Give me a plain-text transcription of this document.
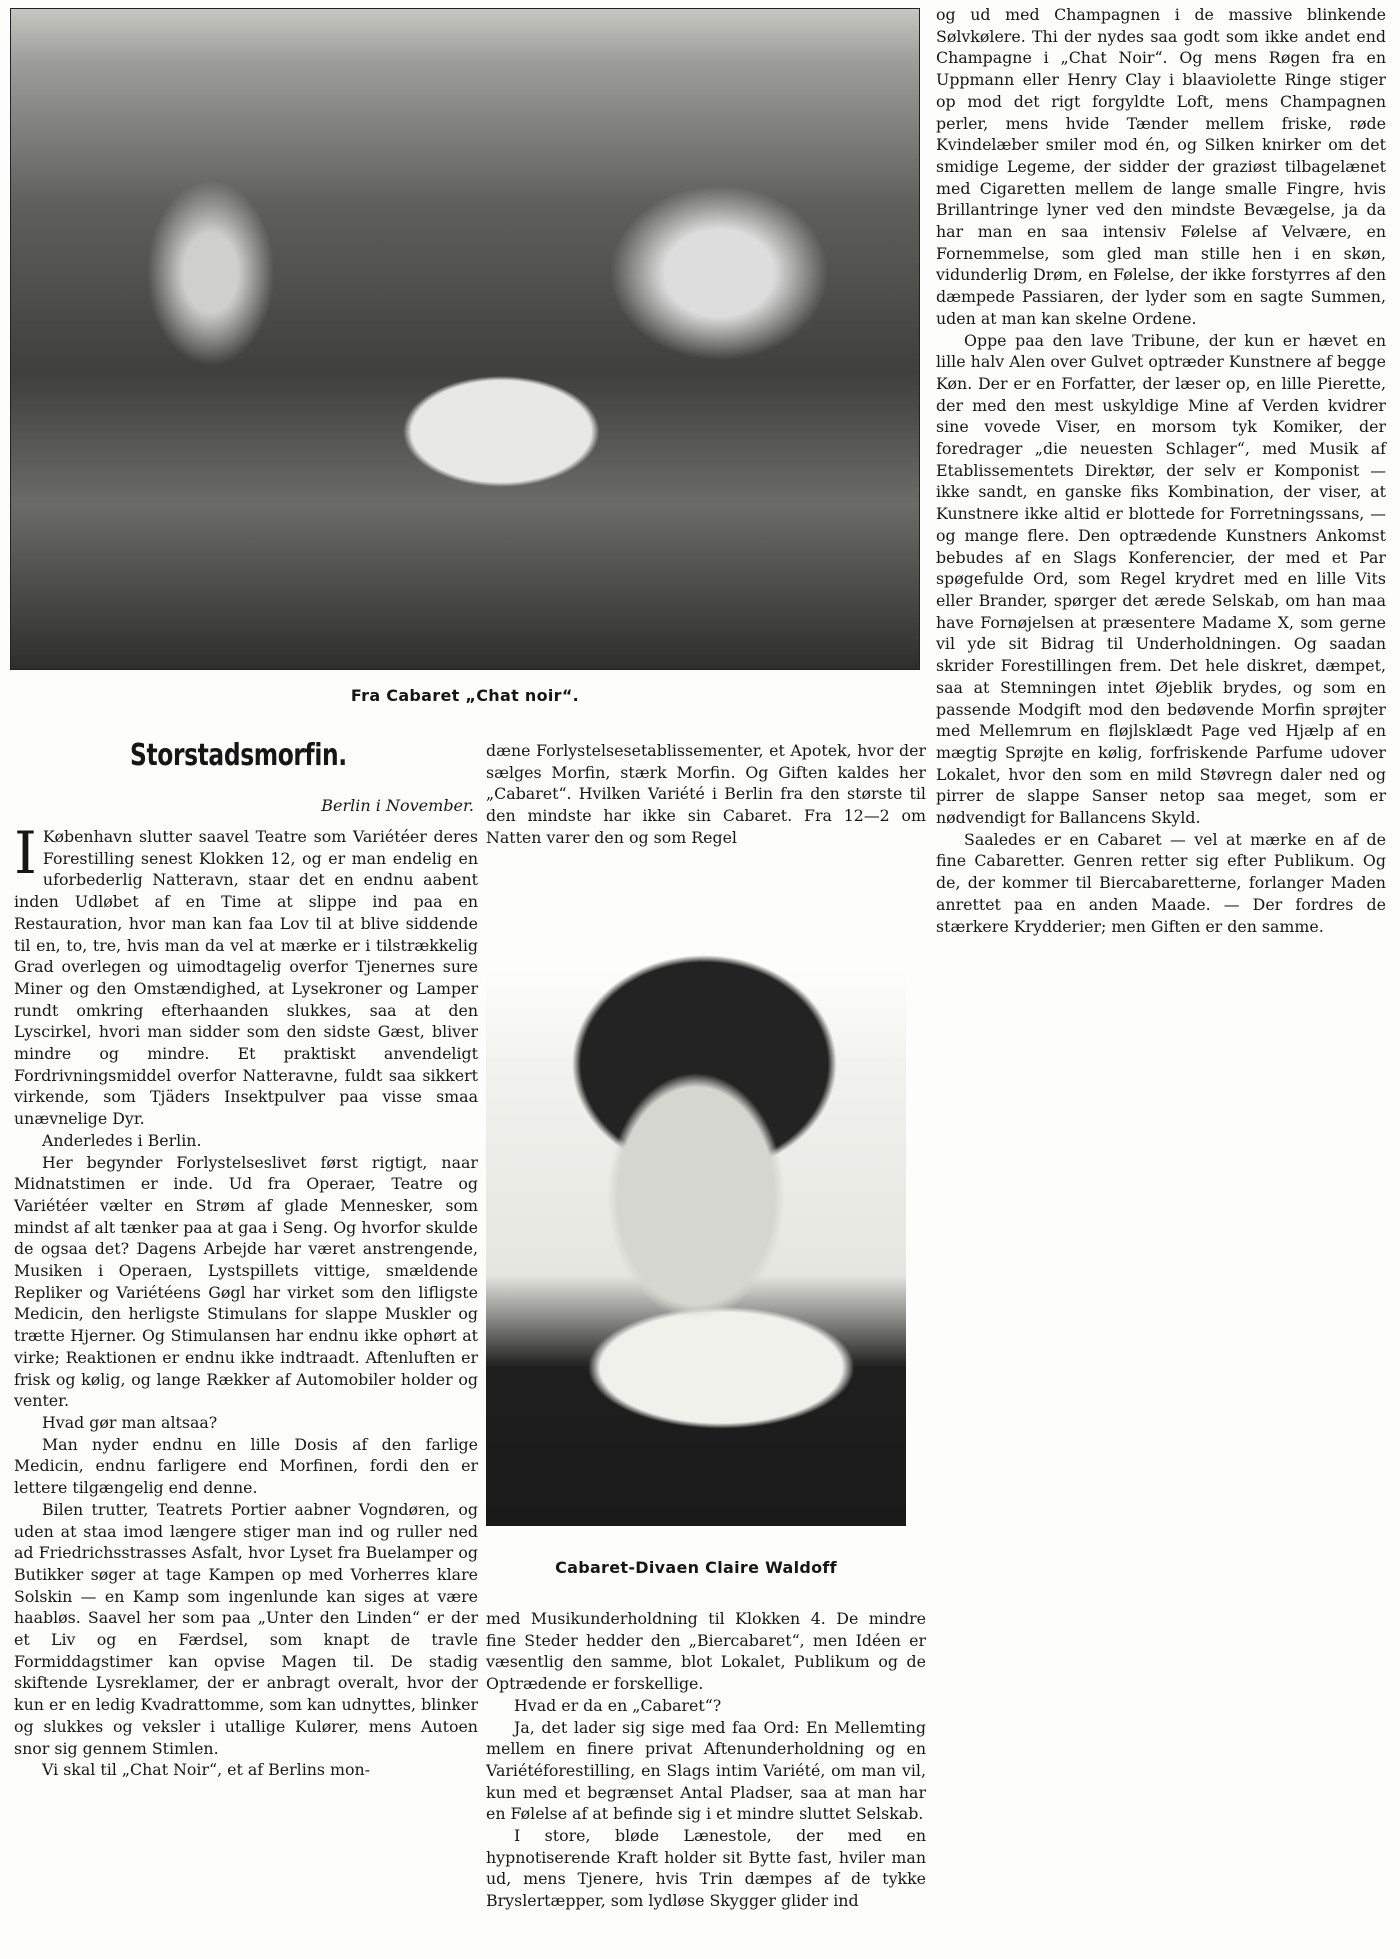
Fra Cabaret „Chat noir“.
Storstadsmorfin.
Berlin i November.

I København slutter saavel Teatre som Variétéer deres Forestilling senest Klokken 12, og er man endelig en uforbederlig Natteravn, staar det en endnu aabent inden Udløbet af en Time at slippe ind paa en Restauration, hvor man kan faa Lov til at blive siddende til en, to, tre, hvis man da vel at mærke er i tilstrækkelig Grad overlegen og uimodtagelig overfor Tjenernes sure Miner og den Omstændighed, at Lysekroner og Lamper rundt omkring efterhaanden slukkes, saa at den Lyscirkel, hvori man sidder som den sidste Gæst, bliver mindre og mindre. Et praktiskt anvendeligt Fordrivningsmiddel overfor Natteravne, fuldt saa sikkert virkende, som Tjäders Insektpulver paa visse smaa unævnelige Dyr.

Anderledes i Berlin.

Her begynder Forlystelseslivet først rigtigt, naar Midnatstimen er inde. Ud fra Operaer, Teatre og Variétéer vælter en Strøm af glade Mennesker, som mindst af alt tænker paa at gaa i Seng. Og hvorfor skulde de ogsaa det? Dagens Arbejde har været anstrengende, Musiken i Operaen, Lystspillets vittige, smældende Repliker og Variétéens Gøgl har virket som den lifligste Medicin, den herligste Stimulans for slappe Muskler og trætte Hjerner. Og Stimulansen har endnu ikke ophørt at virke; Reaktionen er endnu ikke indtraadt. Aftenluften er frisk og kølig, og lange Rækker af Automobiler holder og venter.

Hvad gør man altsaa?

Man nyder endnu en lille Dosis af den farlige Medicin, endnu farligere end Morfinen, fordi den er lettere tilgængelig end denne.

Bilen trutter, Teatrets Portier aabner Vogndøren, og uden at staa imod længere stiger man ind og ruller ned ad Friedrichsstrasses Asfalt, hvor Lyset fra Buelamper og Butikker søger at tage Kampen op med Vorherres klare Solskin — en Kamp som ingenlunde kan siges at være haabløs. Saavel her som paa „Unter den Linden“ er der et Liv og en Færdsel, som knapt de travle Formiddagstimer kan opvise Magen til. De stadig skiftende Lysreklamer, der er anbragt overalt, hvor der kun er en ledig Kvadrattomme, som kan udnyttes, blinker og slukkes og veksler i utallige Kulører, mens Autoen snor sig gennem Stimlen.

Vi skal til „Chat Noir“, et af Berlins mon-

dæne Forlystelsesetablissementer, et Apotek, hvor der sælges Morfin, stærk Morfin. Og Giften kaldes her „Cabaret“. Hvilken Variété i Berlin fra den største til den mindste har ikke sin Cabaret. Fra 12—2 om Natten varer den og som Regel

Cabaret-Divaen Claire Waldoff

med Musikunderholdning til Klokken 4. De mindre fine Steder hedder den „Biercabaret“, men Idéen er væsentlig den samme, blot Lokalet, Publikum og de Optrædende er forskellige.

Hvad er da en „Cabaret“?

Ja, det lader sig sige med faa Ord: En Mellemting mellem en finere privat Aftenunderholdning og en Variétéforestilling, en Slags intim Variété, om man vil, kun med et begrænset Antal Pladser, saa at man har en Følelse af at befinde sig i et mindre sluttet Selskab.

I store, bløde Lænestole, der med en hypnotiserende Kraft holder sit Bytte fast, hviler man ud, mens Tjenere, hvis Trin dæmpes af de tykke Bryslertæpper, som lydløse Skygger glider ind

og ud med Champagnen i de massive blinkende Sølvkølere. Thi der nydes saa godt som ikke andet end Champagne i „Chat Noir“. Og mens Røgen fra en Uppmann eller Henry Clay i blaaviolette Ringe stiger op mod det rigt forgyldte Loft, mens Champagnen perler, mens hvide Tænder mellem friske, røde Kvindelæber smiler mod én, og Silken knirker om det smidige Legeme, der sidder der graziøst tilbagelænet med Cigaretten mellem de lange smalle Fingre, hvis Brillantringe lyner ved den mindste Bevægelse, ja da har man en saa intensiv Følelse af Velvære, en Fornemmelse, som gled man stille hen i en skøn, vidunderlig Drøm, en Følelse, der ikke forstyrres af den dæmpede Passiaren, der lyder som en sagte Summen, uden at man kan skelne Ordene.

Oppe paa den lave Tribune, der kun er hævet en lille halv Alen over Gulvet optræder Kunstnere af begge Køn. Der er en Forfatter, der læser op, en lille Pierette, der med den mest uskyldige Mine af Verden kvidrer sine vovede Viser, en morsom tyk Komiker, der foredrager „die neuesten Schlager“, med Musik af Etablissementets Direktør, der selv er Komponist — ikke sandt, en ganske fiks Kombination, der viser, at Kunstnere ikke altid er blottede for Forretningssans, — og mange flere. Den optrædende Kunstners Ankomst bebudes af en Slags Konferencier, der med et Par spøgefulde Ord, som Regel krydret med en lille Vits eller Brander, spørger det ærede Selskab, om han maa have Fornøjelsen at præsentere Madame X, som gerne vil yde sit Bidrag til Underholdningen. Og saadan skrider Forestillingen frem. Det hele diskret, dæmpet, saa at Stemningen intet Øjeblik brydes, og som en passende Modgift mod den bedøvende Morfin sprøjter med Mellemrum en fløjlsklædt Page ved Hjælp af en mægtig Sprøjte en kølig, forfriskende Parfume udover Lokalet, hvor den som en mild Støvregn daler ned og pirrer de slappe Sanser netop saa meget, som er nødvendigt for Ballancens Skyld.

Saaledes er en Cabaret — vel at mærke en af de fine Cabaretter. Genren retter sig efter Publikum. Og de, der kommer til Biercabaretterne, forlanger Maden anrettet paa en anden Maade. — Der fordres de stærkere Krydderier; men Giften er den samme.
